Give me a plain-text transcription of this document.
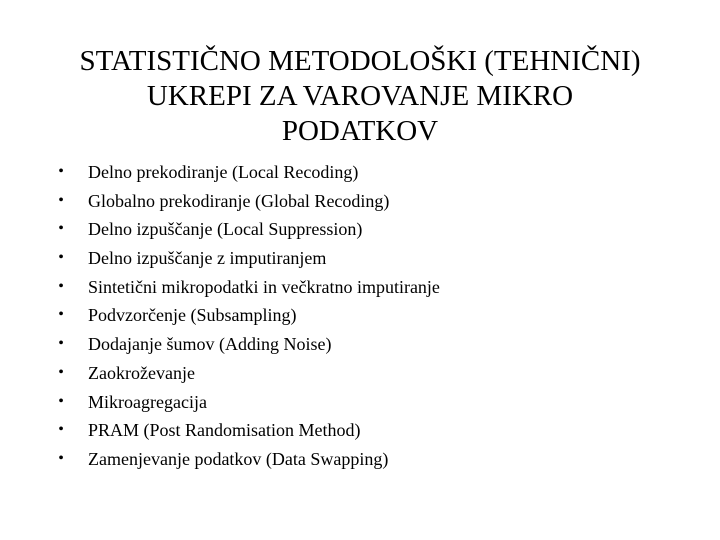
STATISTIČNO METODOLOŠKI (TEHNIČNI)
UKREPI ZA VAROVANJE MIKRO
PODATKOV
• Delno prekodiranje (Local Recoding)
• Globalno prekodiranje (Global Recoding)
• Delno izpuščanje (Local Suppression)
• Delno izpuščanje z imputiranjem
• Sintetični mikropodatki in večkratno imputiranje
• Podvzorčenje (Subsampling)
• Dodajanje šumov (Adding Noise)
• Zaokroževanje
• Mikroagregacija
• PRAM (Post Randomisation Method)
• Zamenjevanje podatkov (Data Swapping)
